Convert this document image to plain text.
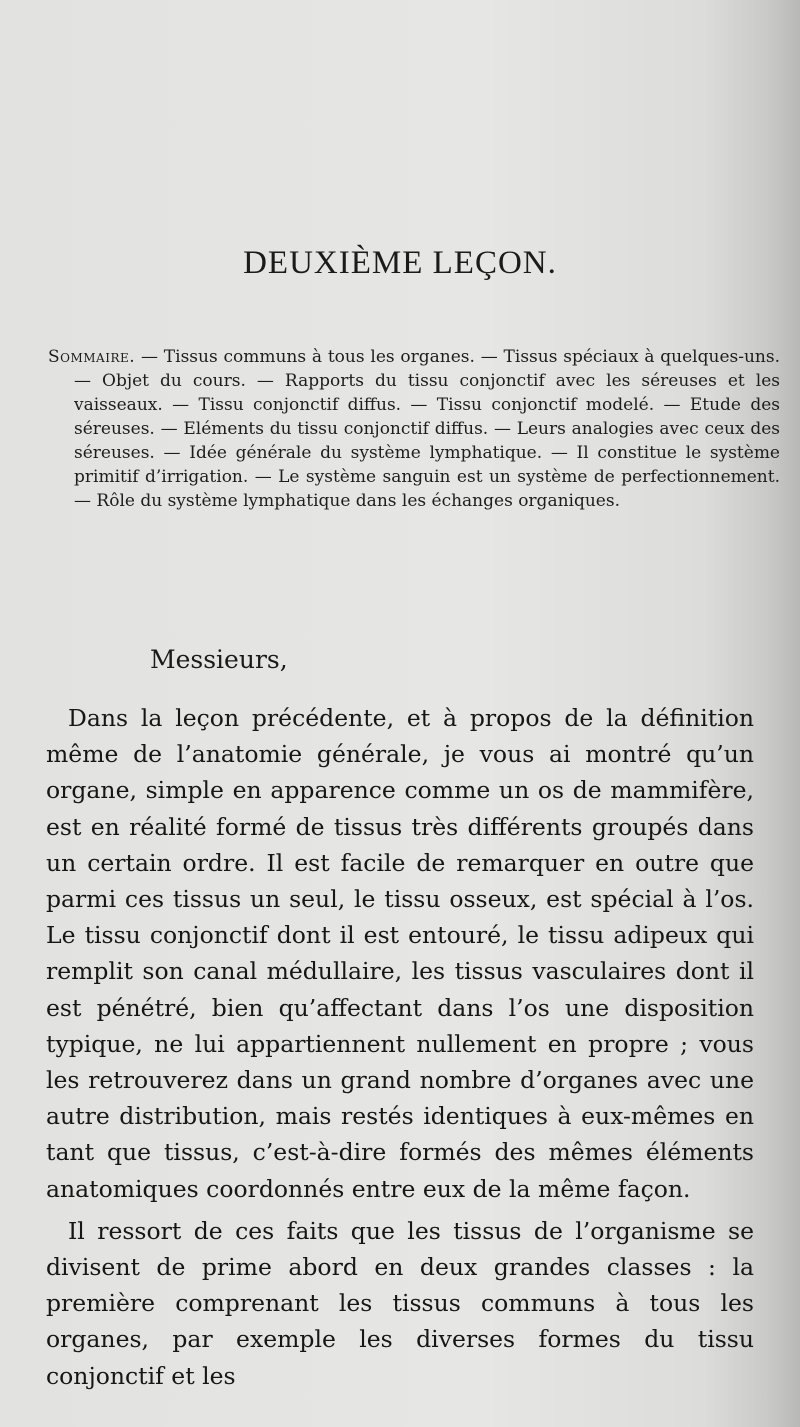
DEUXIÈME LEÇON.
Sommaire. — Tissus communs à tous les organes. — Tissus spéciaux à quelques-uns. — Objet du cours. — Rapports du tissu conjonctif avec les séreuses et les vaisseaux. — Tissu conjonctif diffus. — Tissu conjonctif modelé. — Etude des séreuses. — Eléments du tissu conjonctif diffus. — Leurs analogies avec ceux des séreuses. — Idée générale du système lymphatique. — Il constitue le système primitif d’irrigation. — Le système sanguin est un système de perfectionnement. — Rôle du système lymphatique dans les échanges organiques.
Messieurs,

Dans la leçon précédente, et à propos de la définition même de l’anatomie générale, je vous ai montré qu’un organe, simple en apparence comme un os de mammifère, est en réalité formé de tissus très différents groupés dans un certain ordre. Il est facile de remarquer en outre que parmi ces tissus un seul, le tissu osseux, est spécial à l’os. Le tissu conjonctif dont il est entouré, le tissu adipeux qui remplit son canal médullaire, les tissus vasculaires dont il est pénétré, bien qu’affectant dans l’os une disposition typique, ne lui appartiennent nullement en propre ; vous les retrouverez dans un grand nombre d’organes avec une autre distribution, mais restés identiques à eux-mêmes en tant que tissus, c’est-à-dire formés des mêmes éléments anatomiques coordonnés entre eux de la même façon.

Il ressort de ces faits que les tissus de l’organisme se divisent de prime abord en deux grandes classes : la première comprenant les tissus communs à tous les organes, par exemple les diverses formes du tissu conjonctif et les
